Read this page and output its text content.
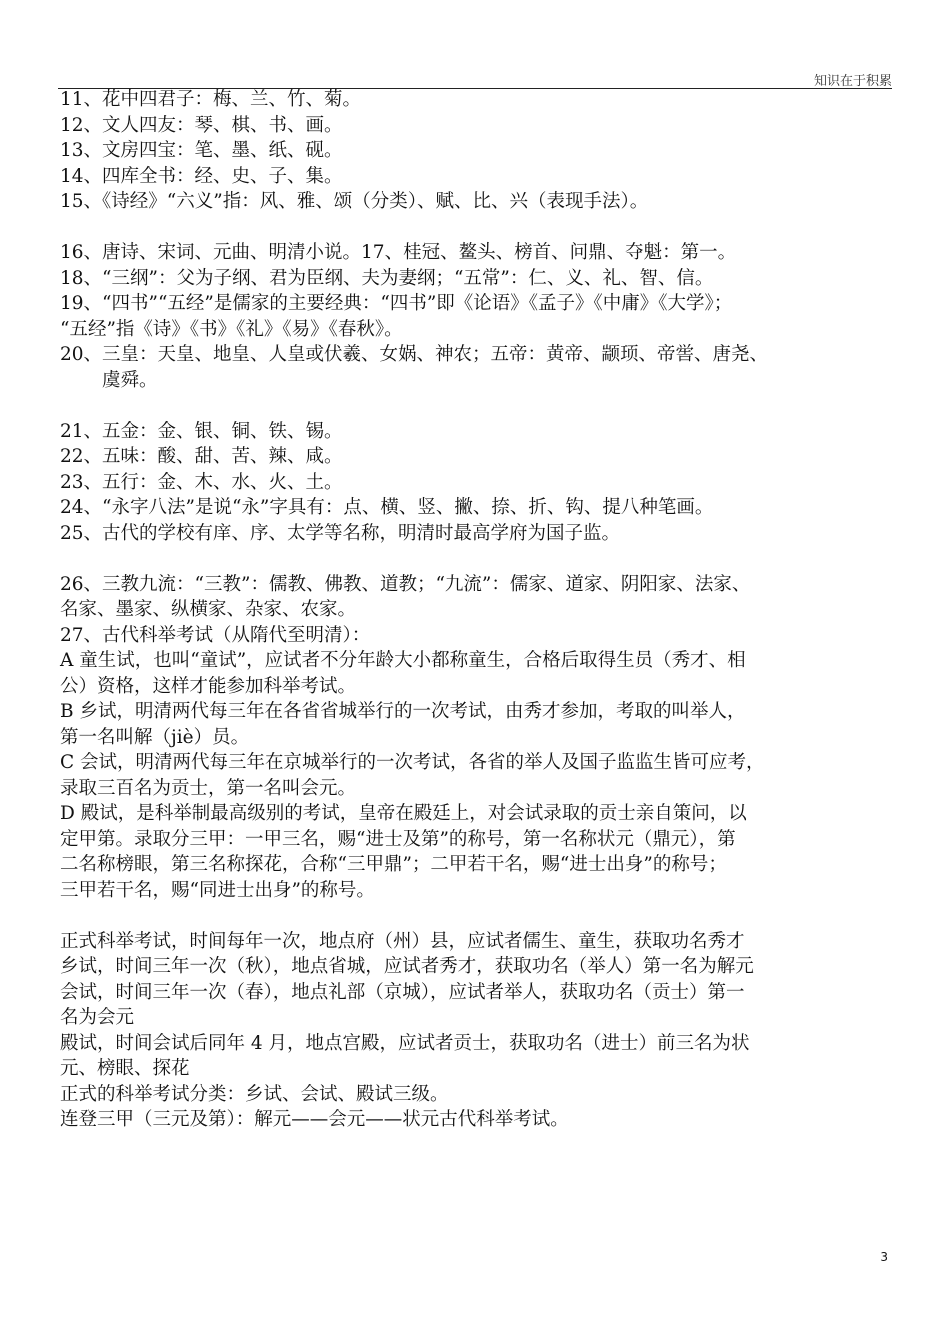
知识在于积累
11、花中四君子：梅、兰、竹、菊。
12、文人四友：琴、棋、书、画。
13、文房四宝：笔、墨、纸、砚。
14、四库全书：经、史、子、集。
15、《诗经》“六义”指：风、雅、颂（分类）、赋、比、兴（表现手法）。
16、唐诗、宋词、元曲、明清小说。17、桂冠、鳌头、榜首、问鼎、夺魁：第一。
18、“三纲”：父为子纲、君为臣纲、夫为妻纲；“五常”：仁、义、礼、智、信。
19、“四书”“五经”是儒家的主要经典：“四书”即《论语》《孟子》《中庸》《大学》；
“五经”指《诗》《书》《礼》《易》《春秋》。
20、三皇：天皇、地皇、人皇或伏羲、女娲、神农；五帝：黄帝、颛顼、帝喾、唐尧、
虞舜。
21、五金：金、银、铜、铁、锡。
22、五味：酸、甜、苦、辣、咸。
23、五行：金、木、水、火、土。
24、“永字八法”是说“永”字具有：点、横、竖、撇、捺、折、钩、提八种笔画。
25、古代的学校有庠、序、太学等名称，明清时最高学府为国子监。
26、三教九流：“三教”：儒教、佛教、道教；“九流”：儒家、道家、阴阳家、法家、
名家、墨家、纵横家、杂家、农家。
27、古代科举考试（从隋代至明清）：
A 童生试，也叫“童试”，应试者不分年龄大小都称童生，合格后取得生员（秀才、相
公）资格，这样才能参加科举考试。
B 乡试，明清两代每三年在各省省城举行的一次考试，由秀才参加，考取的叫举人，
第一名叫解（jiè）员。
C 会试，明清两代每三年在京城举行的一次考试，各省的举人及国子监监生皆可应考，
录取三百名为贡士，第一名叫会元。
D 殿试，是科举制最高级别的考试，皇帝在殿廷上，对会试录取的贡士亲自策问，以
定甲第。录取分三甲：一甲三名，赐“进士及第”的称号，第一名称状元（鼎元），第
二名称榜眼，第三名称探花，合称“三甲鼎”；二甲若干名，赐“进士出身”的称号；
三甲若干名，赐“同进士出身”的称号。
正式科举考试，时间每年一次，地点府（州）县，应试者儒生、童生，获取功名秀才
乡试，时间三年一次（秋），地点省城，应试者秀才，获取功名（举人）第一名为解元
会试，时间三年一次（春），地点礼部（京城），应试者举人，获取功名（贡士）第一
名为会元
殿试，时间会试后同年 4 月，地点宫殿，应试者贡士，获取功名（进士）前三名为状
元、榜眼、探花
正式的科举考试分类：乡试、会试、殿试三级。
连登三甲（三元及第）：解元——会元——状元古代科举考试。
3
